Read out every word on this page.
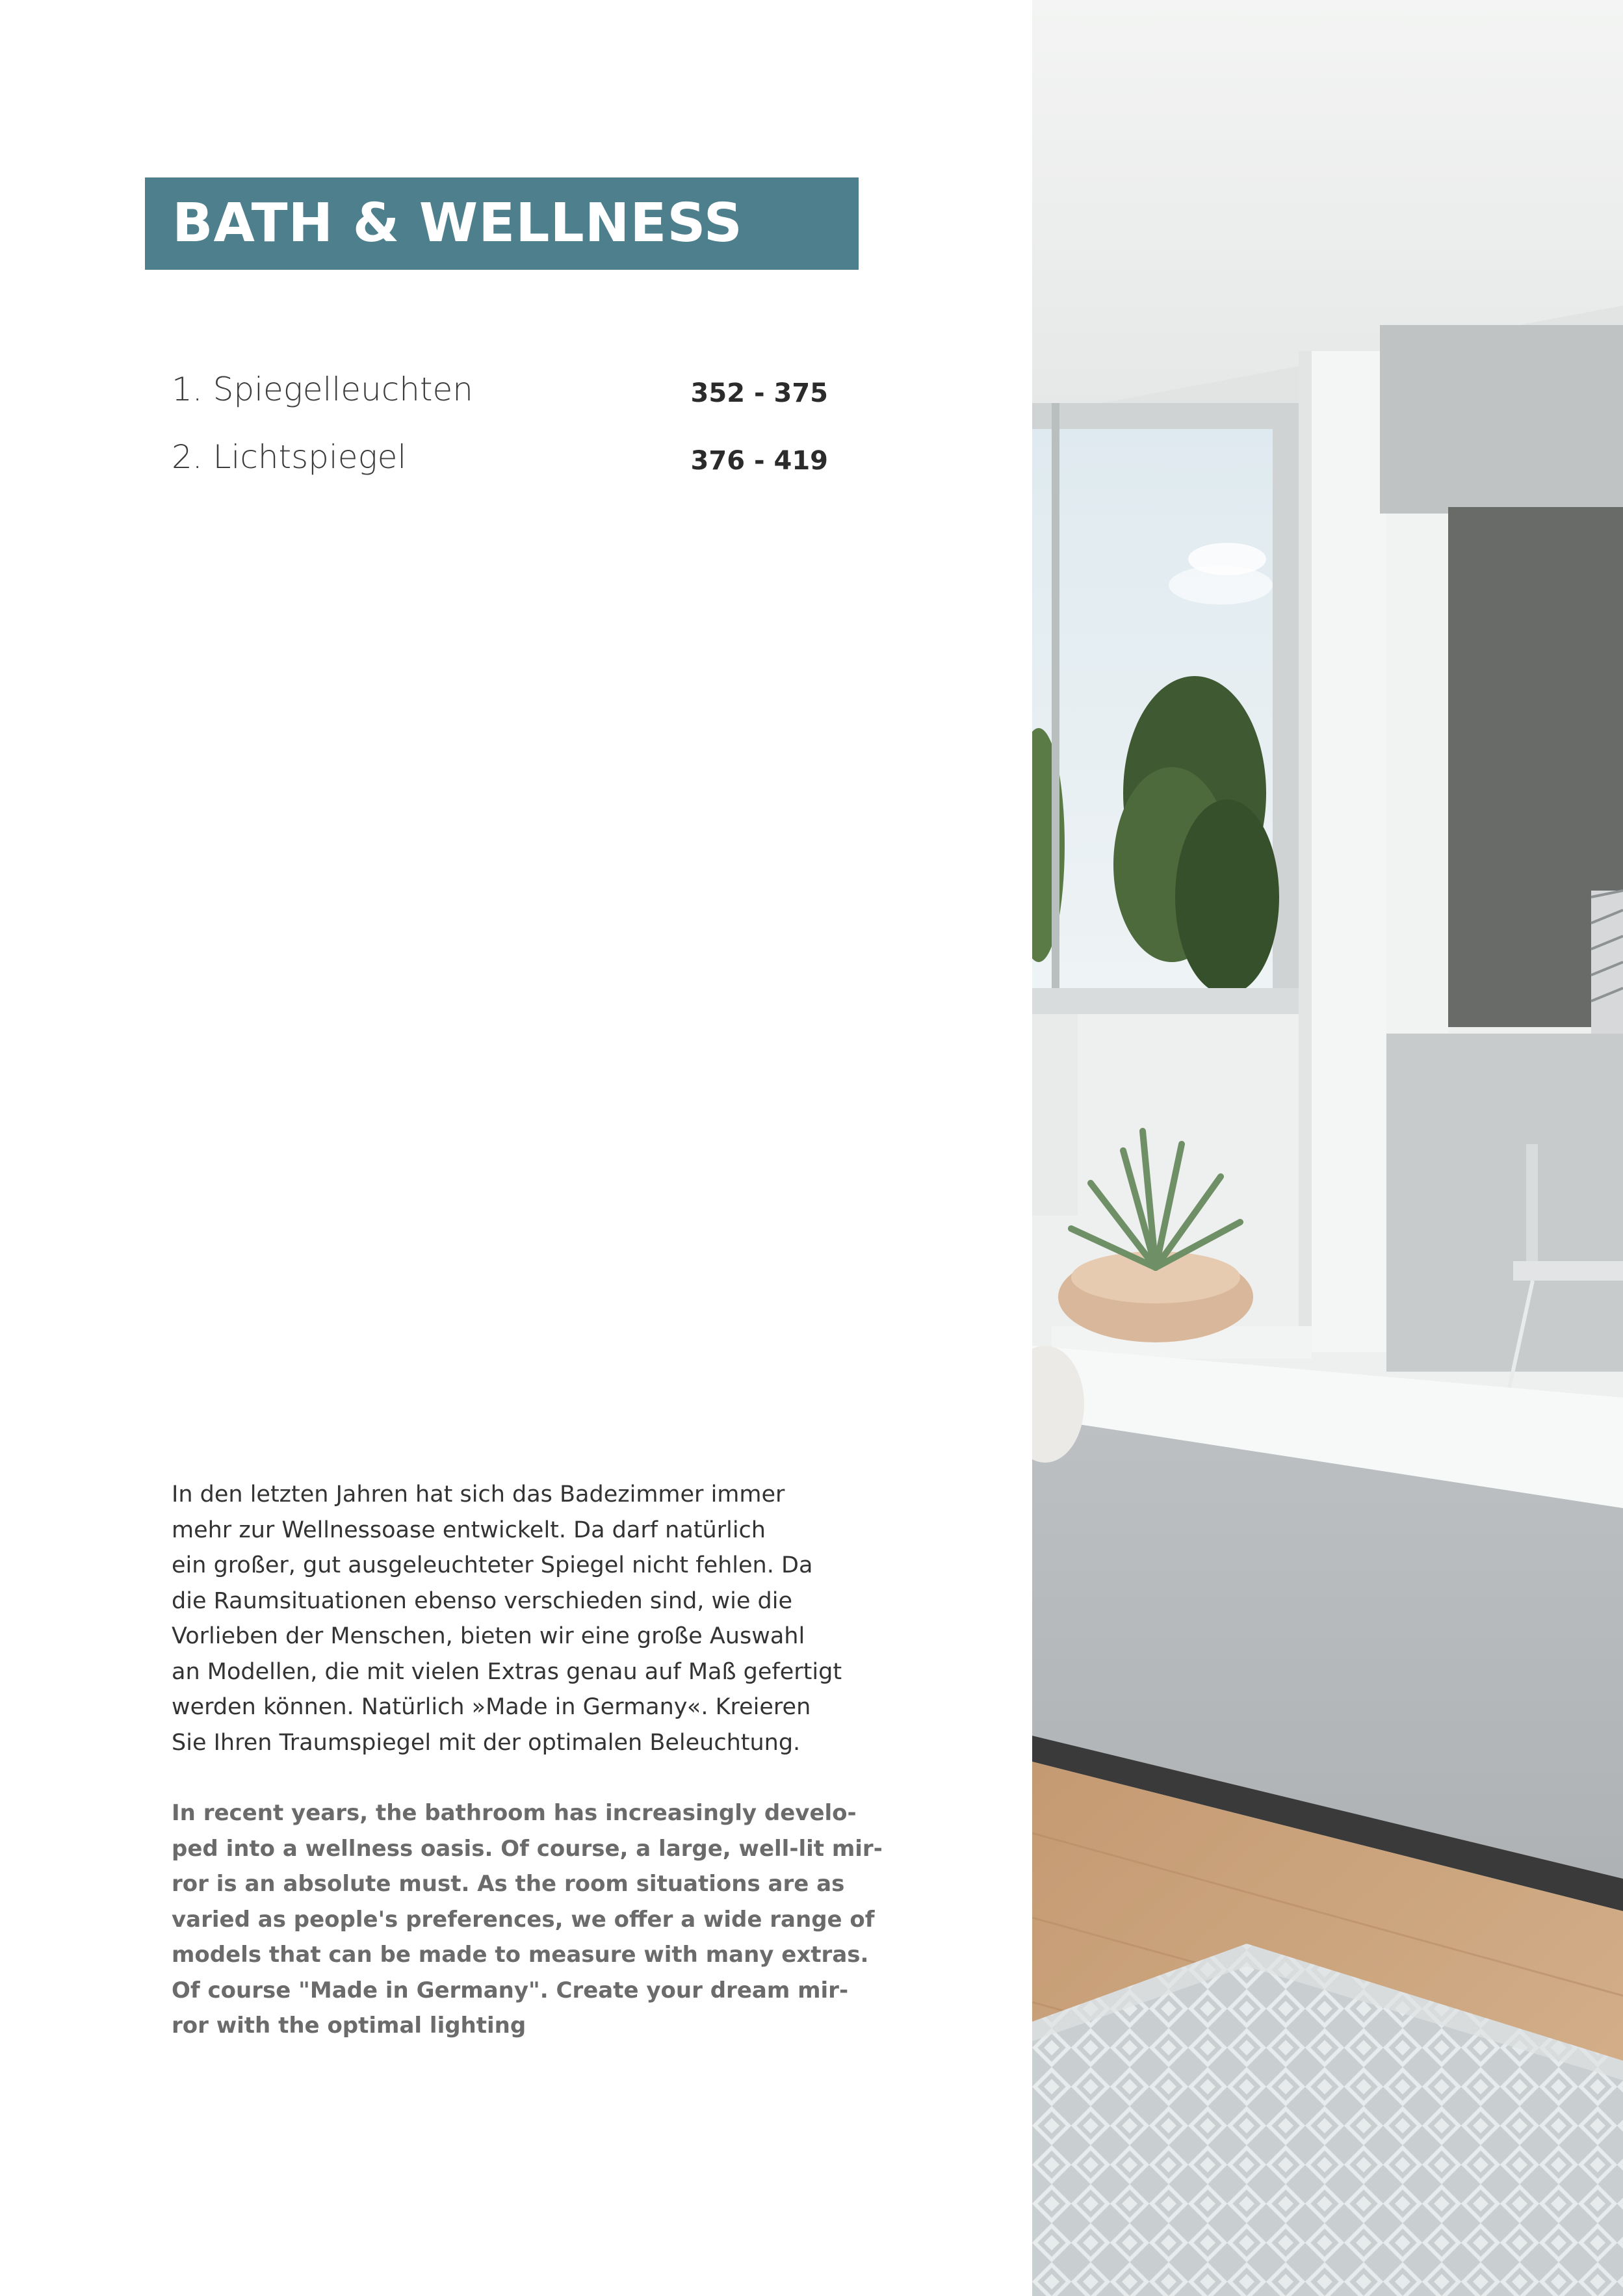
BATH & WELLNESS
1. Spiegelleuchten	352 - 375
2. Lichtspiegel	376 - 419

In den letzten Jahren hat sich das Badezimmer immer
mehr zur Wellnessoase entwickelt. Da darf natürlich
ein großer, gut ausgeleuchteter Spiegel nicht fehlen. Da
die Raumsituationen ebenso verschieden sind, wie die
Vorlieben der Menschen, bieten wir eine große Auswahl
an Modellen, die mit vielen Extras genau auf Maß gefertigt
werden können. Natürlich »Made in Germany«. Kreieren
Sie Ihren Traumspiegel mit der optimalen Beleuchtung.

In recent years, the bathroom has increasingly develo-
ped into a wellness oasis. Of course, a large, well-lit mir-
ror is an absolute must. As the room situations are as
varied as people's preferences, we offer a wide range of
models that can be made to measure with many extras.
Of course "Made in Germany". Create your dream mir-
ror with the optimal lighting
